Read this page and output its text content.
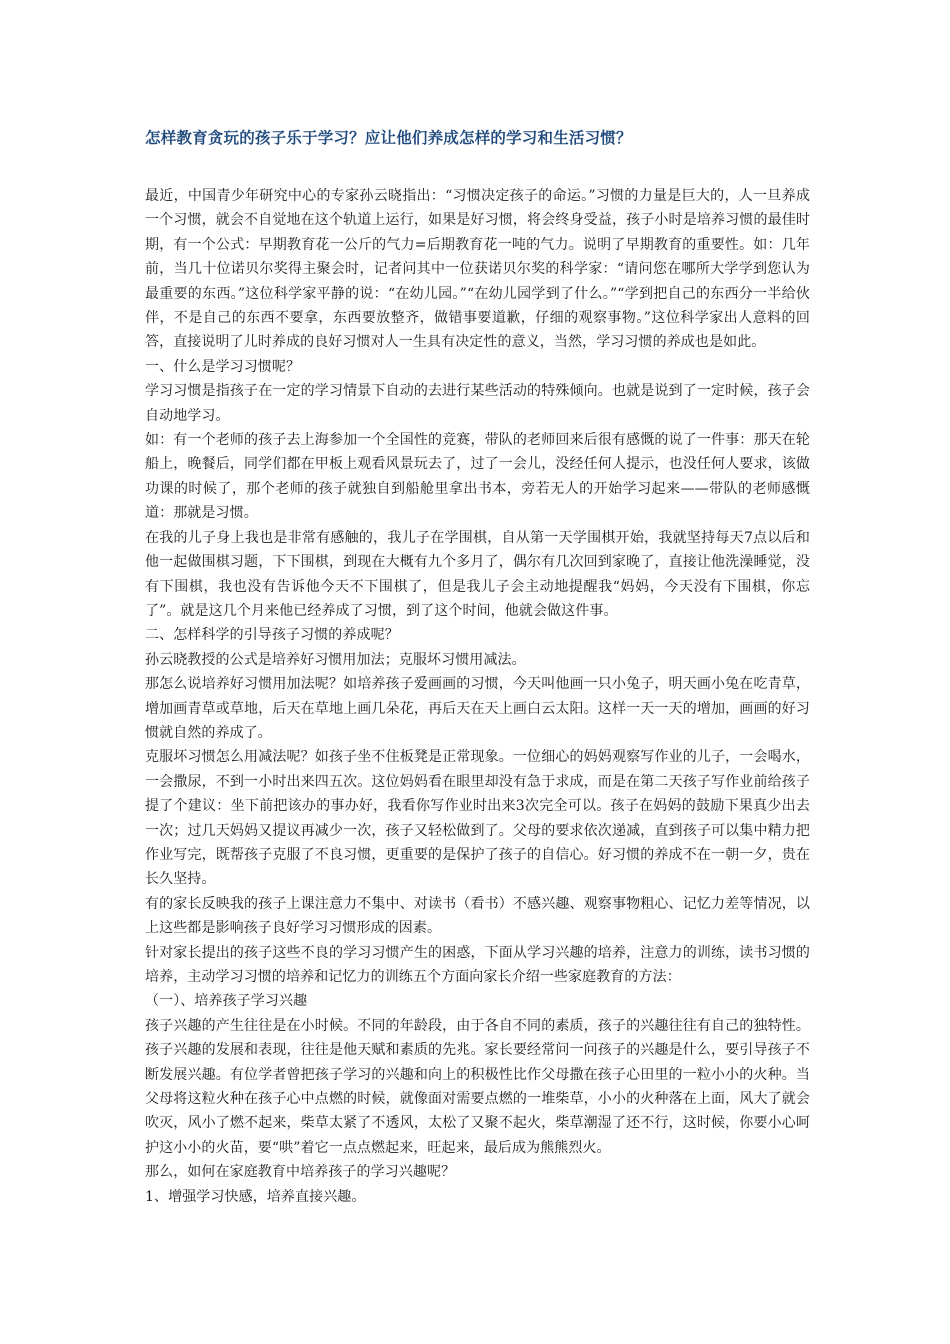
怎样教育贪玩的孩子乐于学习？应让他们养成怎样的学习和生活习惯？

最近，中国青少年研究中心的专家孙云晓指出：“习惯决定孩子的命运。”习惯的力量是巨大的，人一旦养成一个习惯，就会不自觉地在这个轨道上运行，如果是好习惯，将会终身受益，孩子小时是培养习惯的最佳时期，有一个公式：早期教育花一公斤的气力=后期教育花一吨的气力。说明了早期教育的重要性。如：几年前，当几十位诺贝尔奖得主聚会时，记者问其中一位获诺贝尔奖的科学家：“请问您在哪所大学学到您认为最重要的东西。”这位科学家平静的说：“在幼儿园。”“在幼儿园学到了什么。”“学到把自己的东西分一半给伙伴，不是自己的东西不要拿，东西要放整齐，做错事要道歉，仔细的观察事物。”这位科学家出人意料的回答，直接说明了儿时养成的良好习惯对人一生具有决定性的意义，当然，学习习惯的养成也是如此。

一、什么是学习习惯呢？

学习习惯是指孩子在一定的学习情景下自动的去进行某些活动的特殊倾向。也就是说到了一定时候，孩子会自动地学习。

如：有一个老师的孩子去上海参加一个全国性的竞赛，带队的老师回来后很有感慨的说了一件事：那天在轮船上，晚餐后，同学们都在甲板上观看风景玩去了，过了一会儿，没经任何人提示，也没任何人要求，该做功课的时候了，那个老师的孩子就独自到船舱里拿出书本，旁若无人的开始学习起来——带队的老师感慨道：那就是习惯。

在我的儿子身上我也是非常有感触的，我儿子在学围棋，自从第一天学围棋开始，我就坚持每天7点以后和他一起做围棋习题，下下围棋，到现在大概有九个多月了，偶尔有几次回到家晚了，直接让他洗澡睡觉，没有下围棋，我也没有告诉他今天不下围棋了，但是我儿子会主动地提醒我“妈妈，今天没有下围棋，你忘了”。就是这几个月来他已经养成了习惯，到了这个时间，他就会做这件事。

二、怎样科学的引导孩子习惯的养成呢？

孙云晓教授的公式是培养好习惯用加法；克服坏习惯用减法。

那怎么说培养好习惯用加法呢？如培养孩子爱画画的习惯，今天叫他画一只小兔子，明天画小兔在吃青草，增加画青草或草地，后天在草地上画几朵花，再后天在天上画白云太阳。这样一天一天的增加，画画的好习惯就自然的养成了。

克服坏习惯怎么用减法呢？如孩子坐不住板凳是正常现象。一位细心的妈妈观察写作业的儿子，一会喝水，一会撒尿，不到一小时出来四五次。这位妈妈看在眼里却没有急于求成，而是在第二天孩子写作业前给孩子提了个建议：坐下前把该办的事办好，我看你写作业时出来3次完全可以。孩子在妈妈的鼓励下果真少出去一次；过几天妈妈又提议再减少一次，孩子又轻松做到了。父母的要求依次递减，直到孩子可以集中精力把作业写完，既帮孩子克服了不良习惯，更重要的是保护了孩子的自信心。好习惯的养成不在一朝一夕，贵在长久坚持。

有的家长反映我的孩子上课注意力不集中、对读书（看书）不感兴趣、观察事物粗心、记忆力差等情况，以上这些都是影响孩子良好学习习惯形成的因素。

针对家长提出的孩子这些不良的学习习惯产生的困惑，下面从学习兴趣的培养，注意力的训练，读书习惯的培养，主动学习习惯的培养和记忆力的训练五个方面向家长介绍一些家庭教育的方法：

（一）、培养孩子学习兴趣

孩子兴趣的产生往往是在小时候。不同的年龄段，由于各自不同的素质，孩子的兴趣往往有自己的独特性。孩子兴趣的发展和表现，往往是他天赋和素质的先兆。家长要经常问一问孩子的兴趣是什么，要引导孩子不断发展兴趣。有位学者曾把孩子学习的兴趣和向上的积极性比作父母撒在孩子心田里的一粒小小的火种。当父母将这粒火种在孩子心中点燃的时候，就像面对需要点燃的一堆柴草，小小的火种落在上面，风大了就会吹灭，风小了燃不起来，柴草太紧了不透风，太松了又聚不起火，柴草潮湿了还不行，这时候，你要小心呵护这小小的火苗，要“哄”着它一点点燃起来，旺起来，最后成为熊熊烈火。

那么，如何在家庭教育中培养孩子的学习兴趣呢？

1、增强学习快感，培养直接兴趣。
